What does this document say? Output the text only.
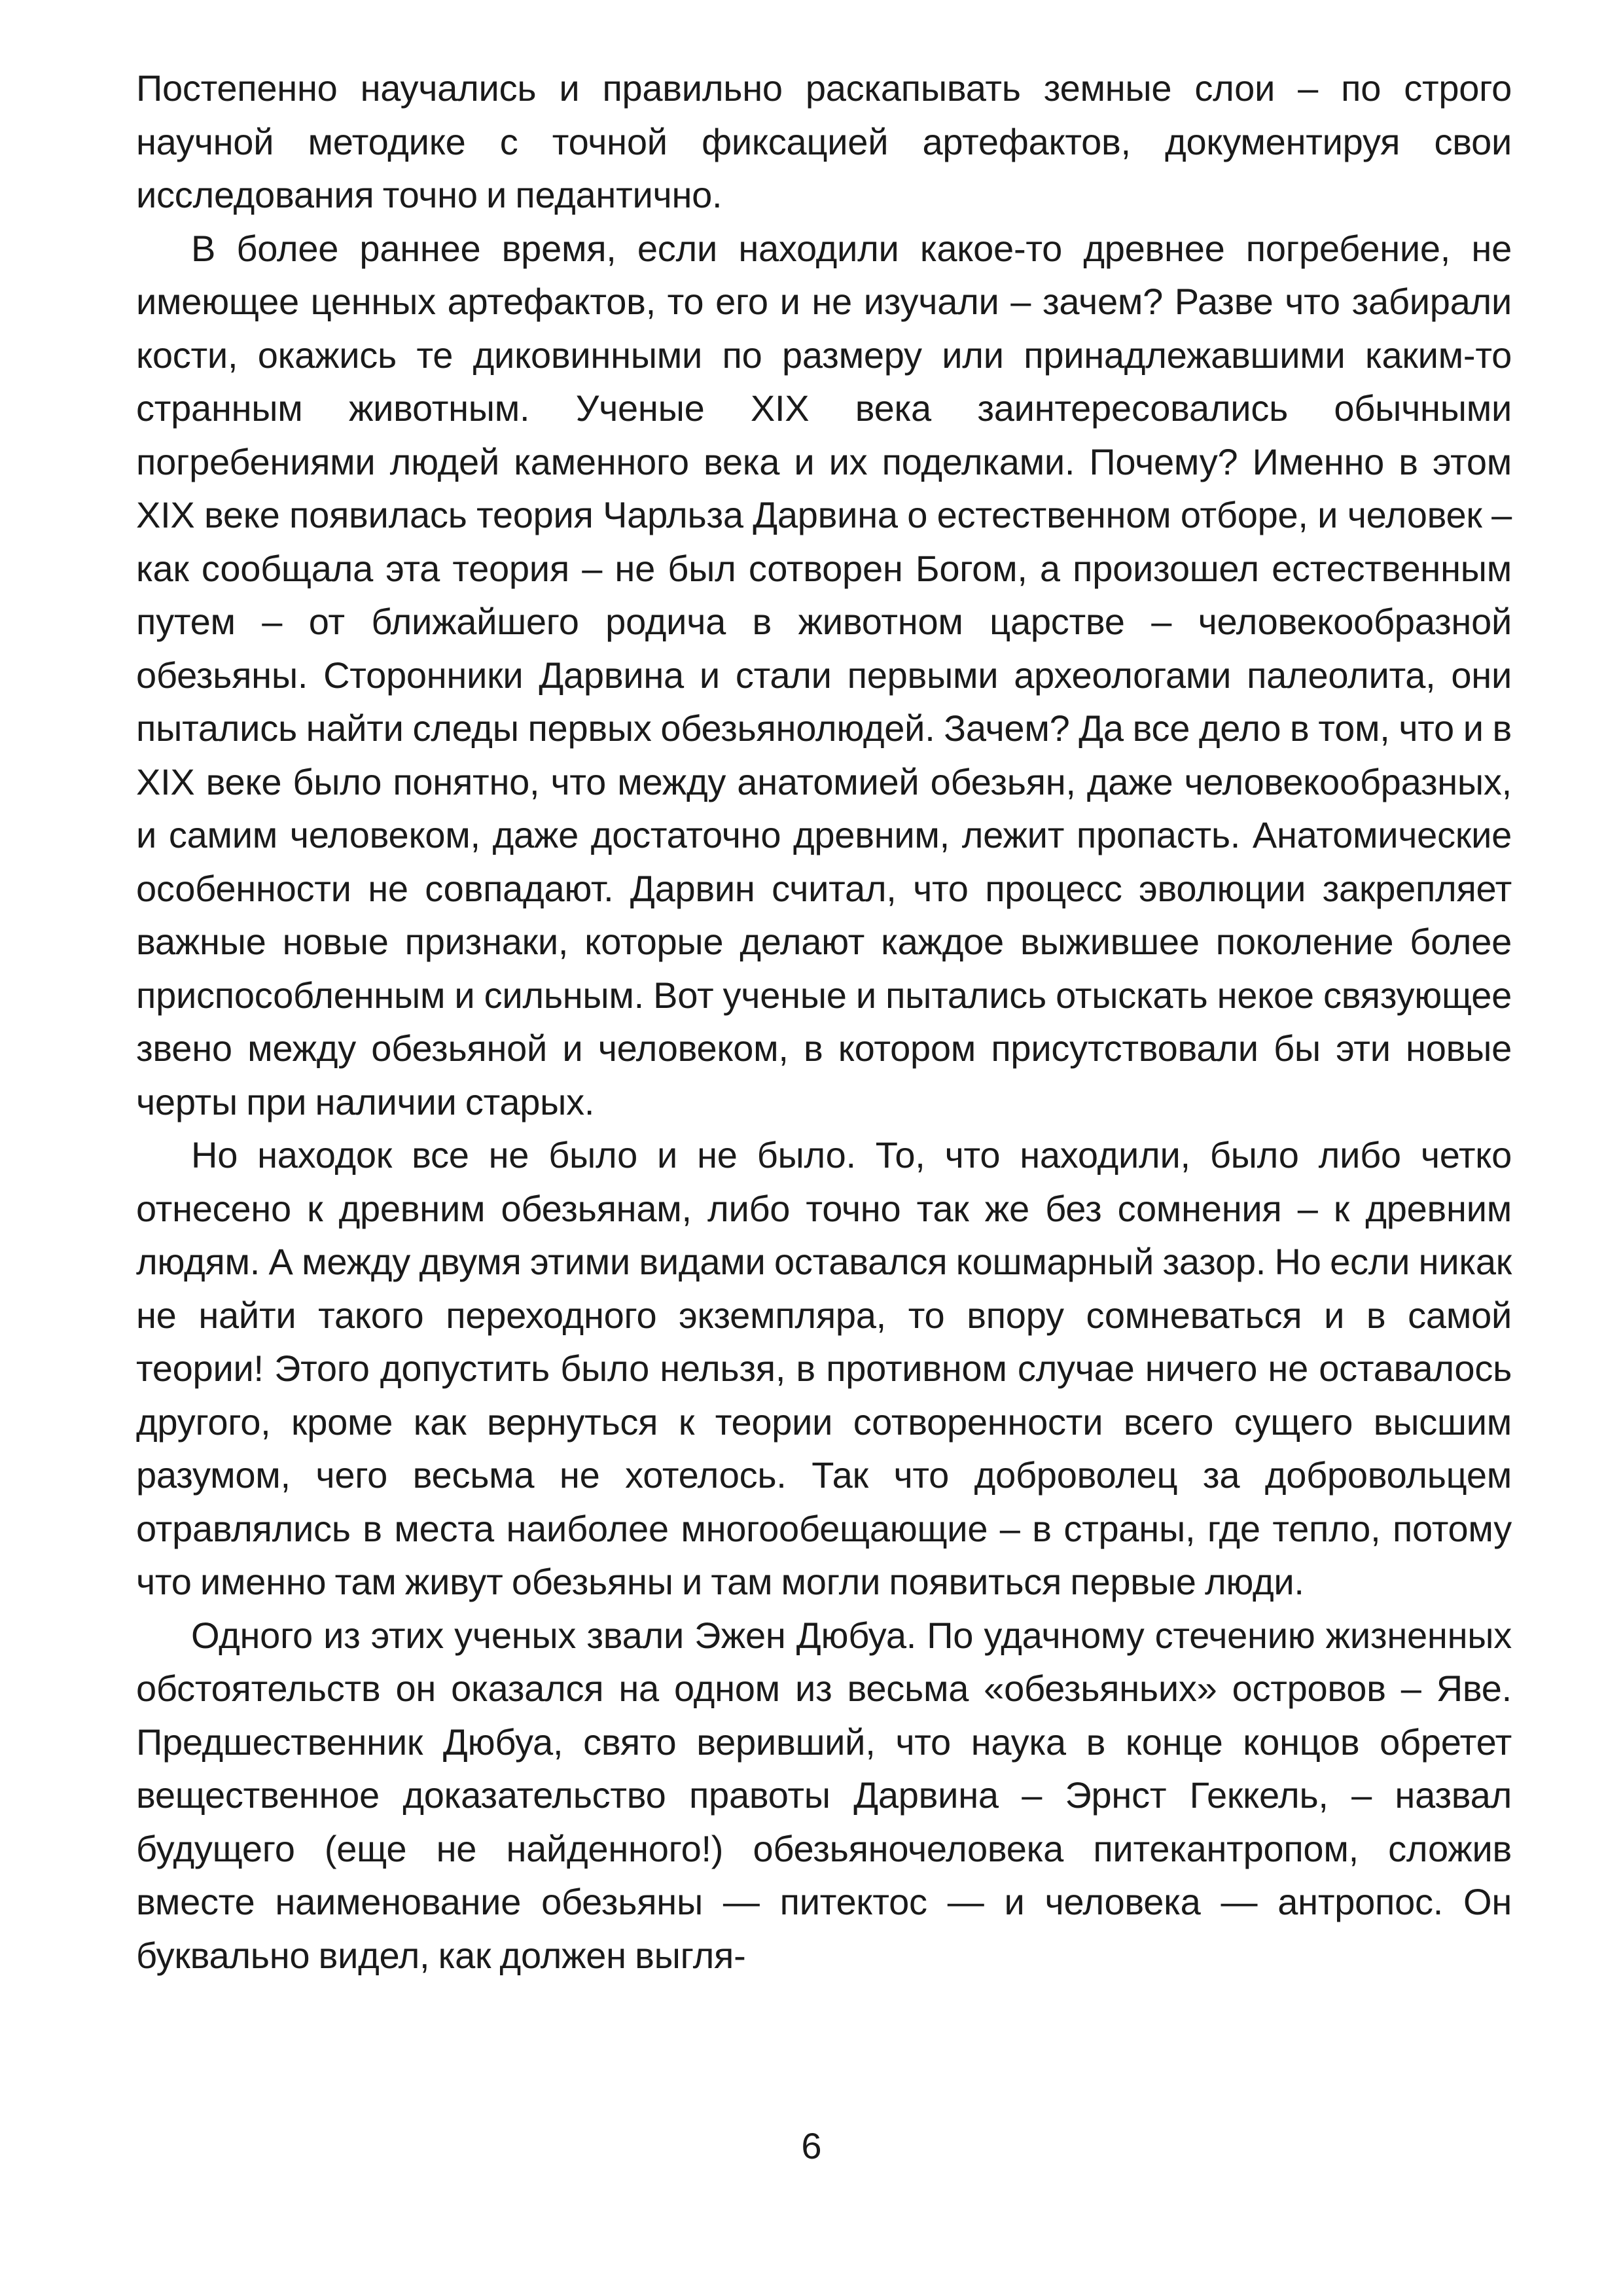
Постепенно научались и правильно раскапывать земные слои – по строго научной методике с точной фиксацией артефактов, документируя свои исследования точно и педантично.

В более раннее время, если находили какое-то древнее погребение, не имеющее ценных артефактов, то его и не изучали – зачем? Разве что забирали кости, окажись те диковинными по размеру или принадлежавшими каким-то странным животным. Ученые XIX века заинтересовались обычными погребениями людей каменного века и их поделками. Почему? Именно в этом XIX веке появилась теория Чарльза Дарвина о естественном отборе, и человек – как сообщала эта теория – не был сотворен Богом, а произошел естественным путем – от ближайшего родича в животном царстве – человекообразной обезьяны. Сторонники Дарвина и стали первыми археологами палеолита, они пытались найти следы первых обезьянолюдей. Зачем? Да все дело в том, что и в XIX веке было понятно, что между анатомией обезьян, даже человекообразных, и самим человеком, даже достаточно древним, лежит пропасть. Анатомические особенности не совпадают. Дарвин считал, что процесс эволюции закрепляет важные новые признаки, которые делают каждое выжившее поколение более приспособленным и сильным. Вот ученые и пытались отыскать некое связующее звено между обезьяной и человеком, в котором присутствовали бы эти новые черты при наличии старых.

Но находок все не было и не было. То, что находили, было либо четко отнесено к древним обезьянам, либо точно так же без сомнения – к древним людям. А между двумя этими видами оставался кошмарный зазор. Но если никак не найти такого переходного экземпляра, то впору сомневаться и в самой теории! Этого допустить было нельзя, в противном случае ничего не оставалось другого, кроме как вернуться к теории сотворенности всего сущего высшим разумом, чего весьма не хотелось. Так что доброволец за добровольцем отравлялись в места наиболее многообещающие – в страны, где тепло, потому что именно там живут обезьяны и там могли появиться первые люди.

Одного из этих ученых звали Эжен Дюбуа. По удачному стечению жизненных обстоятельств он оказался на одном из весьма «обезьяньих» островов – Яве. Предшественник Дюбуа, свято веривший, что наука в конце концов обретет вещественное доказательство правоты Дарвина – Эрнст Геккель, – назвал будущего (еще не найденного!) обезьяночеловека питекантропом, сложив вместе наименование обезьяны — питектос — и человека — антропос. Он буквально видел, как должен выгля-

6
